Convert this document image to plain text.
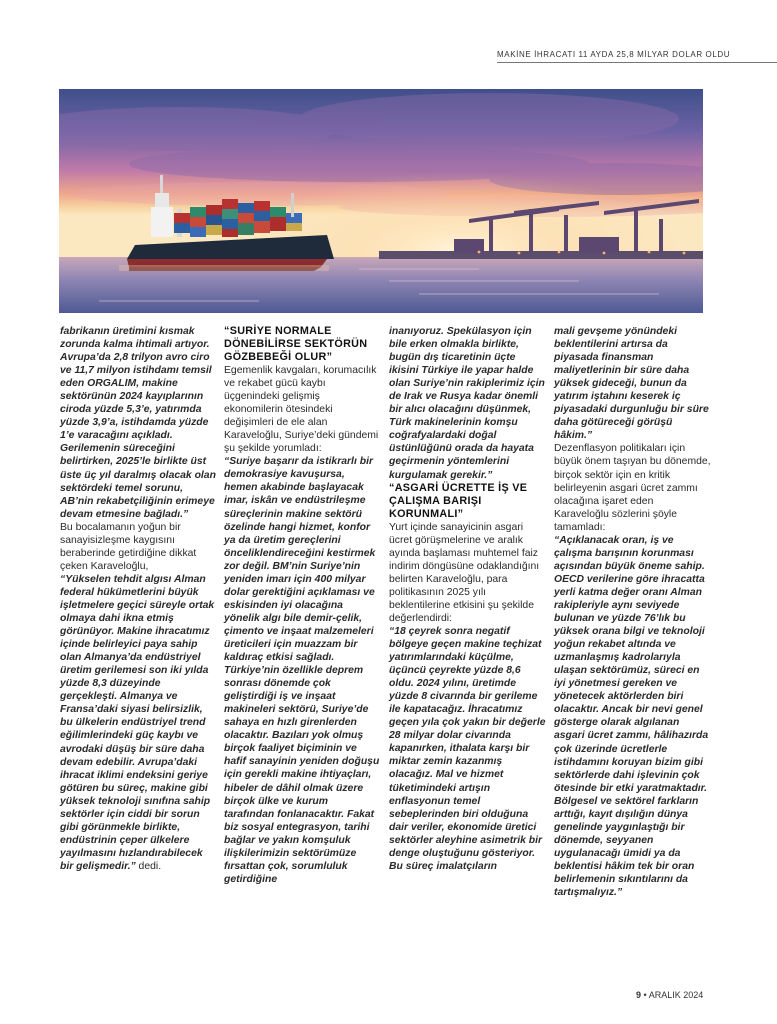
MAKİNE İHRACATI 11 AYDA 25,8 MİLYAR DOLAR OLDU

fabrikanın üretimini kısmak zorunda kalma ihtimali artıyor. Avrupa’da 2,8 trilyon avro ciro ve 11,7 milyon istihdamı temsil eden ORGALIM, makine sektörünün 2024 kayıplarının ciroda yüzde 5,3’e, yatırımda yüzde 3,9’a, istihdamda yüzde 1’e varacağını açıkladı. Gerilemenin süreceğini belirtirken, 2025’le birlikte üst üste üç yıl daralmış olacak olan sektördeki temel sorunu, AB’nin rekabetçiliğinin erimeye devam etmesine bağladı.”

Bu bocalamanın yoğun bir sanayisizleşme kaygısını beraberinde getirdiğine dikkat çeken Karaveloğlu,

“Yükselen tehdit algısı Alman federal hükümetlerini büyük işletmelere geçici süreyle ortak olmaya dahi ikna etmiş görünüyor. Makine ihracatımız içinde belirleyici paya sahip olan Almanya’da endüstriyel üretim gerilemesi son iki yılda yüzde 8,3 düzeyinde gerçekleşti. Almanya ve Fransa’daki siyasi belirsizlik, bu ülkelerin endüstriyel trend eğilimlerindeki güç kaybı ve avrodaki düşüş bir süre daha devam edebilir. Avrupa’daki ihracat iklimi endeksini geriye götüren bu süreç, makine gibi yüksek teknoloji sınıfına sahip sektörler için ciddi bir sorun gibi görünmekle birlikte, endüstrinin çeper ülkelere yayılmasını hızlandırabilecek bir gelişmedir.” dedi.

“SURİYE NORMALE DÖNEBİLİRSE SEKTÖRÜN GÖZBEBEĞİ OLUR”

Egemenlik kavgaları, korumacılık ve rekabet gücü kaybı üçgenindeki gelişmiş ekonomilerin ötesindeki değişimleri de ele alan Karaveloğlu, Suriye’deki gündemi şu şekilde yorumladı:

“Suriye başarır da istikrarlı bir demokrasiye kavuşursa, hemen akabinde başlayacak imar, iskân ve endüstrileşme süreçlerinin makine sektörü özelinde hangi hizmet, konfor ya da üretim gereçlerini önceliklendireceğini kestirmek zor değil. BM’nin Suriye’nin yeniden imarı için 400 milyar dolar gerektiğini açıklaması ve eskisinden iyi olacağına yönelik algı bile demir-çelik, çimento ve inşaat malzemeleri üreticileri için muazzam bir kaldıraç etkisi sağladı. Türkiye’nin özellikle deprem sonrası dönemde çok geliştirdiği iş ve inşaat makineleri sektörü, Suriye’de sahaya en hızlı girenlerden olacaktır. Bazıları yok olmuş birçok faaliyet biçiminin ve hafif sanayinin yeniden doğuşu için gerekli makine ihtiyaçları, hibeler de dâhil olmak üzere birçok ülke ve kurum tarafından fonlanacaktır. Fakat biz sosyal entegrasyon, tarihi bağlar ve yakın komşuluk ilişkilerimizin sektörümüze fırsattan çok, sorumluluk getirdiğine

inanıyoruz. Spekülasyon için bile erken olmakla birlikte, bugün dış ticaretinin üçte ikisini Türkiye ile yapar halde olan Suriye’nin rakiplerimiz için de Irak ve Rusya kadar önemli bir alıcı olacağını düşünmek, Türk makinelerinin komşu coğrafyalardaki doğal üstünlüğünü orada da hayata geçirmenin yöntemlerini kurgulamak gerekir.”

“ASGARİ ÜCRETTE İŞ VE ÇALIŞMA BARIŞI KORUNMALI”

Yurt içinde sanayicinin asgari ücret görüşmelerine ve aralık ayında başlaması muhtemel faiz indirim döngüsüne odaklandığını belirten Karaveloğlu, para politikasının 2025 yılı beklentilerine etkisini şu şekilde değerlendirdi:

“18 çeyrek sonra negatif bölgeye geçen makine teçhizat yatırımlarındaki küçülme, üçüncü çeyrekte yüzde 8,6 oldu. 2024 yılını, üretimde yüzde 8 civarında bir gerileme ile kapatacağız. İhracatımız geçen yıla çok yakın bir değerle 28 milyar dolar civarında kapanırken, ithalata karşı bir miktar zemin kazanmış olacağız. Mal ve hizmet tüketimindeki artışın enflasyonun temel sebeplerinden biri olduğuna dair veriler, ekonomide üretici sektörler aleyhine asimetrik bir denge oluştuğunu gösteriyor. Bu süreç imalatçıların

mali gevşeme yönündeki beklentilerini artırsa da piyasada finansman maliyetlerinin bir süre daha yüksek gideceği, bunun da yatırım iştahını keserek iç piyasadaki durgunluğu bir süre daha götüreceği görüşü hâkim.”

Dezenflasyon politikaları için büyük önem taşıyan bu dönemde, birçok sektör için en kritik belirleyenin asgari ücret zammı olacağına işaret eden Karaveloğlu sözlerini şöyle tamamladı:

“Açıklanacak oran, iş ve çalışma barışının korunması açısından büyük öneme sahip. OECD verilerine göre ihracatta yerli katma değer oranı Alman rakipleriyle aynı seviyede bulunan ve yüzde 76’lık bu yüksek orana bilgi ve teknoloji yoğun rekabet altında ve uzmanlaşmış kadrolarıyla ulaşan sektörümüz, süreci en iyi yönetmesi gereken ve yönetecek aktörlerden biri olacaktır. Ancak bir nevi genel gösterge olarak algılanan asgari ücret zammı, hâlihazırda çok üzerinde ücretlerle istihdamını koruyan bizim gibi sektörlerde dahi işlevinin çok ötesinde bir etki yaratmaktadır. Bölgesel ve sektörel farkların arttığı, kayıt dışılığın dünya genelinde yaygınlaştığı bir dönemde, seyyanen uygulanacağı ümidi ya da beklentisi hâkim tek bir oran belirlemenin sıkıntılarını da tartışmalıyız.”

9 • ARALIK 2024
